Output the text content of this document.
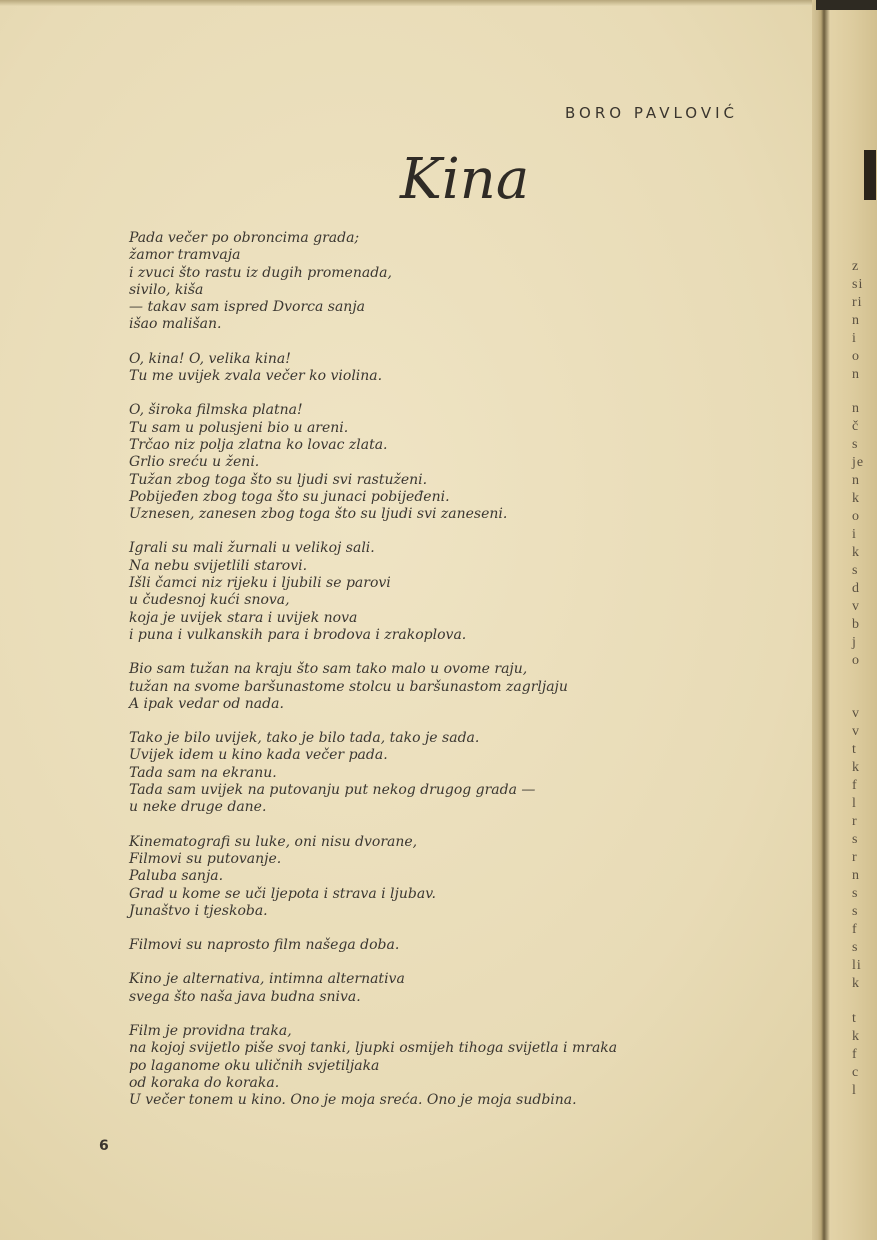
BORO PAVLOVIĆ
Kina
Pada večer po obroncima grada;
žamor tramvaja
i zvuci što rastu iz dugih promenada,
sivilo, kiša
— takav sam ispred Dvorca sanja
išao mališan.
O, kina! O, velika kina!
Tu me uvijek zvala večer ko violina.
O, široka filmska platna!
Tu sam u polusjeni bio u areni.
Trčao niz polja zlatna ko lovac zlata.
Grlio sreću u ženi.
Tužan zbog toga što su ljudi svi rastuženi.
Pobijeđen zbog toga što su junaci pobijeđeni.
Uznesen, zanesen zbog toga što su ljudi svi zaneseni.
Igrali su mali žurnali u velikoj sali.
Na nebu svijetlili starovi.
Išli čamci niz rijeku i ljubili se parovi
u čudesnoj kući snova,
koja je uvijek stara i uvijek nova
i puna i vulkanskih para i brodova i zrakoplova.
Bio sam tužan na kraju što sam tako malo u ovome raju,
tužan na svome baršunastome stolcu u baršunastom zagrljaju
A ipak vedar od nada.
Tako je bilo uvijek, tako je bilo tada, tako je sada.
Uvijek idem u kino kada večer pada.
Tada sam na ekranu.
Tada sam uvijek na putovanju put nekog drugog grada —
u neke druge dane.
Kinematografi su luke, oni nisu dvorane,
Filmovi su putovanje.
Paluba sanja.
Grad u kome se uči ljepota i strava i ljubav.
Junaštvo i tjeskoba.
Filmovi su naprosto film našega doba.
Kino je alternativa, intimna alternativa
svega što naša java budna sniva.
Film je providna traka,
na kojoj svijetlo piše svoj tanki, ljupki osmijeh tihoga svijetla i mraka
po laganome oku uličnih svjetiljaka
od koraka do koraka.
U večer tonem u kino. Ono je moja sreća. Ono je moja sudbina.
6
z
si
ri
n
i
o
n
n
č
s
je
n
k
o
i
k
s
d
v
b
j
o
v
v
t
k
f
l
r
s
r
n
s
s
f
s
li
k
t
k
f
c
l
